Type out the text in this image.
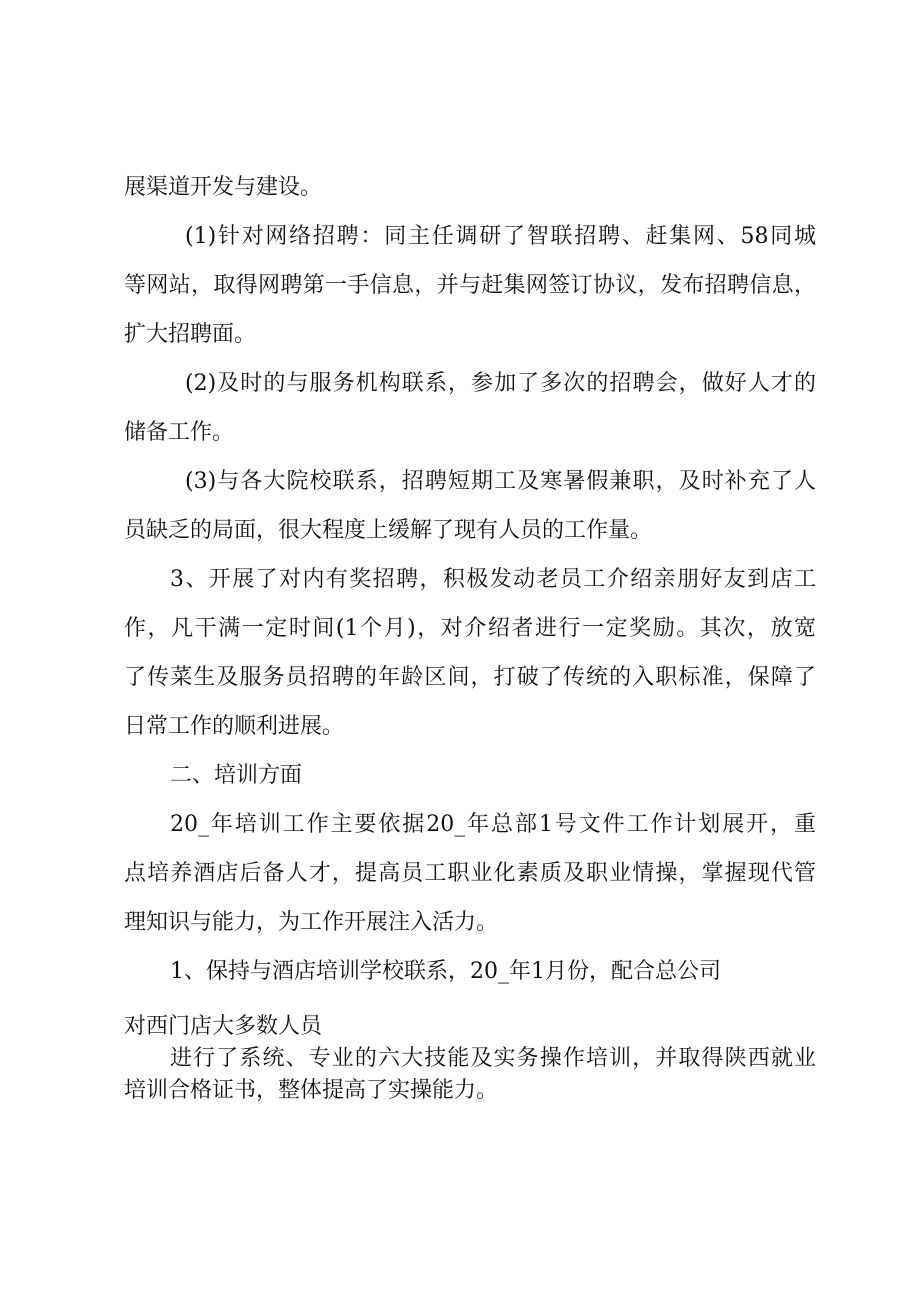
展渠道开发与建设。

(1)针对网络招聘：同主任调研了智联招聘、赶集网、58同城

等网站，取得网聘第一手信息，并与赶集网签订协议，发布招聘信息，

扩大招聘面。

(2)及时的与服务机构联系，参加了多次的招聘会，做好人才的

储备工作。

(3)与各大院校联系，招聘短期工及寒暑假兼职，及时补充了人

员缺乏的局面，很大程度上缓解了现有人员的工作量。

3、开展了对内有奖招聘，积极发动老员工介绍亲朋好友到店工

作，凡干满一定时间(1个月)，对介绍者进行一定奖励。其次，放宽

了传菜生及服务员招聘的年龄区间，打破了传统的入职标准，保障了

日常工作的顺利进展。

二、培训方面

20_年培训工作主要依据20_年总部1号文件工作计划展开，重

点培养酒店后备人才，提高员工职业化素质及职业情操，掌握现代管

理知识与能力，为工作开展注入活力。

1、保持与酒店培训学校联系，20_年1月份，配合总公司

对西门店大多数人员

进行了系统、专业的六大技能及实务操作培训，并取得陕西就业

培训合格证书，整体提高了实操能力。
